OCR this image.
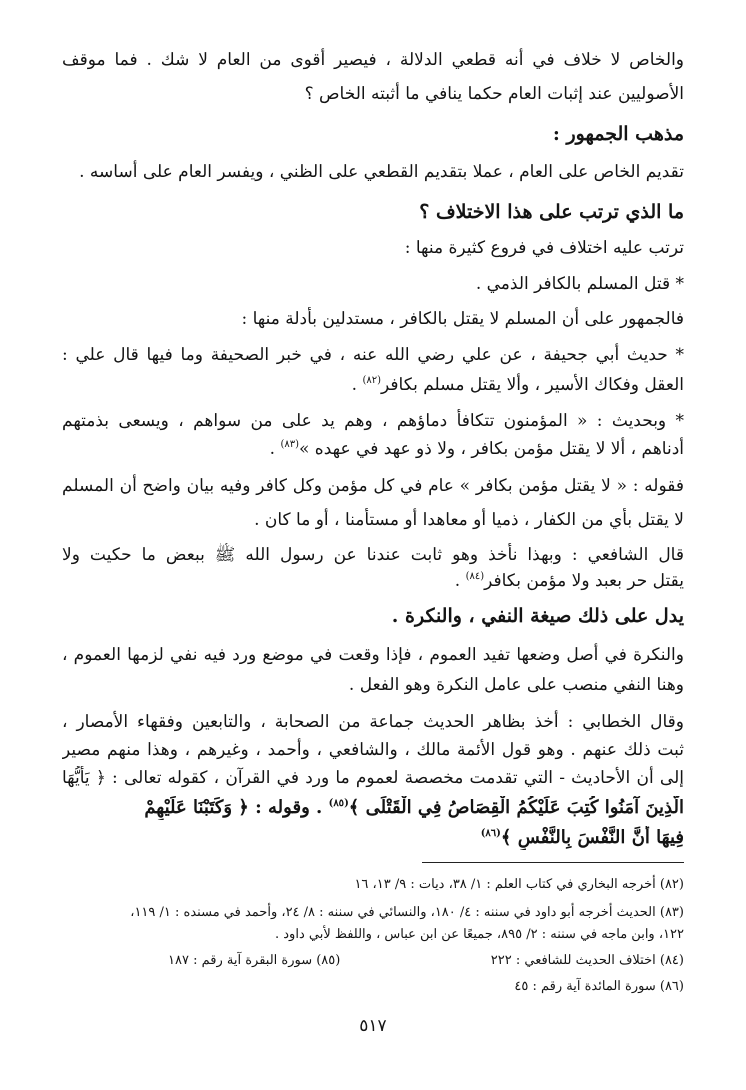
والخاص لا خلاف في أنه قطعي الدلالة ، فيصير أقوى من العام لا شك . فما موقف
الأصوليين عند إثبات العام حكما ينافي ما أثبته الخاص ؟
مذهب الجمهور :
تقديم الخاص على العام ، عملا بتقديم القطعي على الظني ، ويفسر العام على أساسه .
ما الذي ترتب على هذا الاختلاف ؟
ترتب عليه اختلاف في فروع كثيرة منها :
* قتل المسلم بالكافر الذمي .
فالجمهور على أن المسلم لا يقتل بالكافر ، مستدلين بأدلة منها :
* حديث أبي جحيفة ، عن علي رضي الله عنه ، في خبر الصحيفة وما فيها قال علي :
العقل وفكاك الأسير ، وألا يقتل مسلم بكافر$^{(٨٢)}$ .
* وبحديث : « المؤمنون تتكافأ دماؤهم ، وهم يد على من سواهم ، ويسعى بذمتهم
أدناهم ، ألا لا يقتل مؤمن بكافر ، ولا ذو عهد في عهده »$^{(٨٣)}$ .
فقوله : « لا يقتل مؤمن بكافر » عام في كل مؤمن وكل كافر وفيه بيان واضح أن المسلم
لا يقتل بأي من الكفار ، ذميا أو معاهدا أو مستأمنا ، أو ما كان .
قال الشافعي : وبهذا نأخذ وهو ثابت عندنا عن رسول الله ﷺ ببعض ما حكيت ولا
يقتل حر بعبد ولا مؤمن بكافر$^{(٨٤)}$ .
يدل على ذلك صيغة النفي ، والنكرة .
والنكرة في أصل وضعها تفيد العموم ، فإذا وقعت في موضع ورد فيه نفي لزمها العموم ،
وهنا النفي منصب على عامل النكرة وهو الفعل .
وقال الخطابي : أخذ بظاهر الحديث جماعة من الصحابة ، والتابعين وفقهاء الأمصار ،
ثبت ذلك عنهم . وهو قول الأئمة مالك ، والشافعي ، وأحمد ، وغيرهم ، وهذا منهم مصير
إلى أن الأحاديث - التي تقدمت مخصصة لعموم ما ورد في القرآن ، كقوله تعالى : ﴿ يَأَيُّهَا
الَّذِينَ آمَنُوا كُتِبَ عَلَيْكُمُ الْقِصَاصُ فِي الْقَتْلَى ﴾$^{(٨٥)}$ . وقوله : ﴿ وَكَتَبْنَا عَلَيْهِمْ
فِيهَا أَنَّ النَّفْسَ بِالنَّفْسِ ﴾$^{(٨٦)}$
(٨٢) أخرجه البخاري في كتاب العلم : ١/ ٣٨، ديات : ٩/ ١٣، ١٦
(٨٣) الحديث أخرجه أبو داود في سننه : ٤/ ١٨٠، والنسائي في سننه : ٨/ ٢٤، وأحمد في مسنده : ١/ ١١٩،
١٢٢، وابن ماجه في سننه : ٢/ ٨٩٥، جميعًا عن ابن عباس ، واللفظ لأبي داود .
(٨٤) اختلاف الحديث للشافعي : ٢٢٢
(٨٥) سورة البقرة آية رقم : ١٨٧
(٨٦) سورة المائدة آية رقم : ٤٥
٥١٧
